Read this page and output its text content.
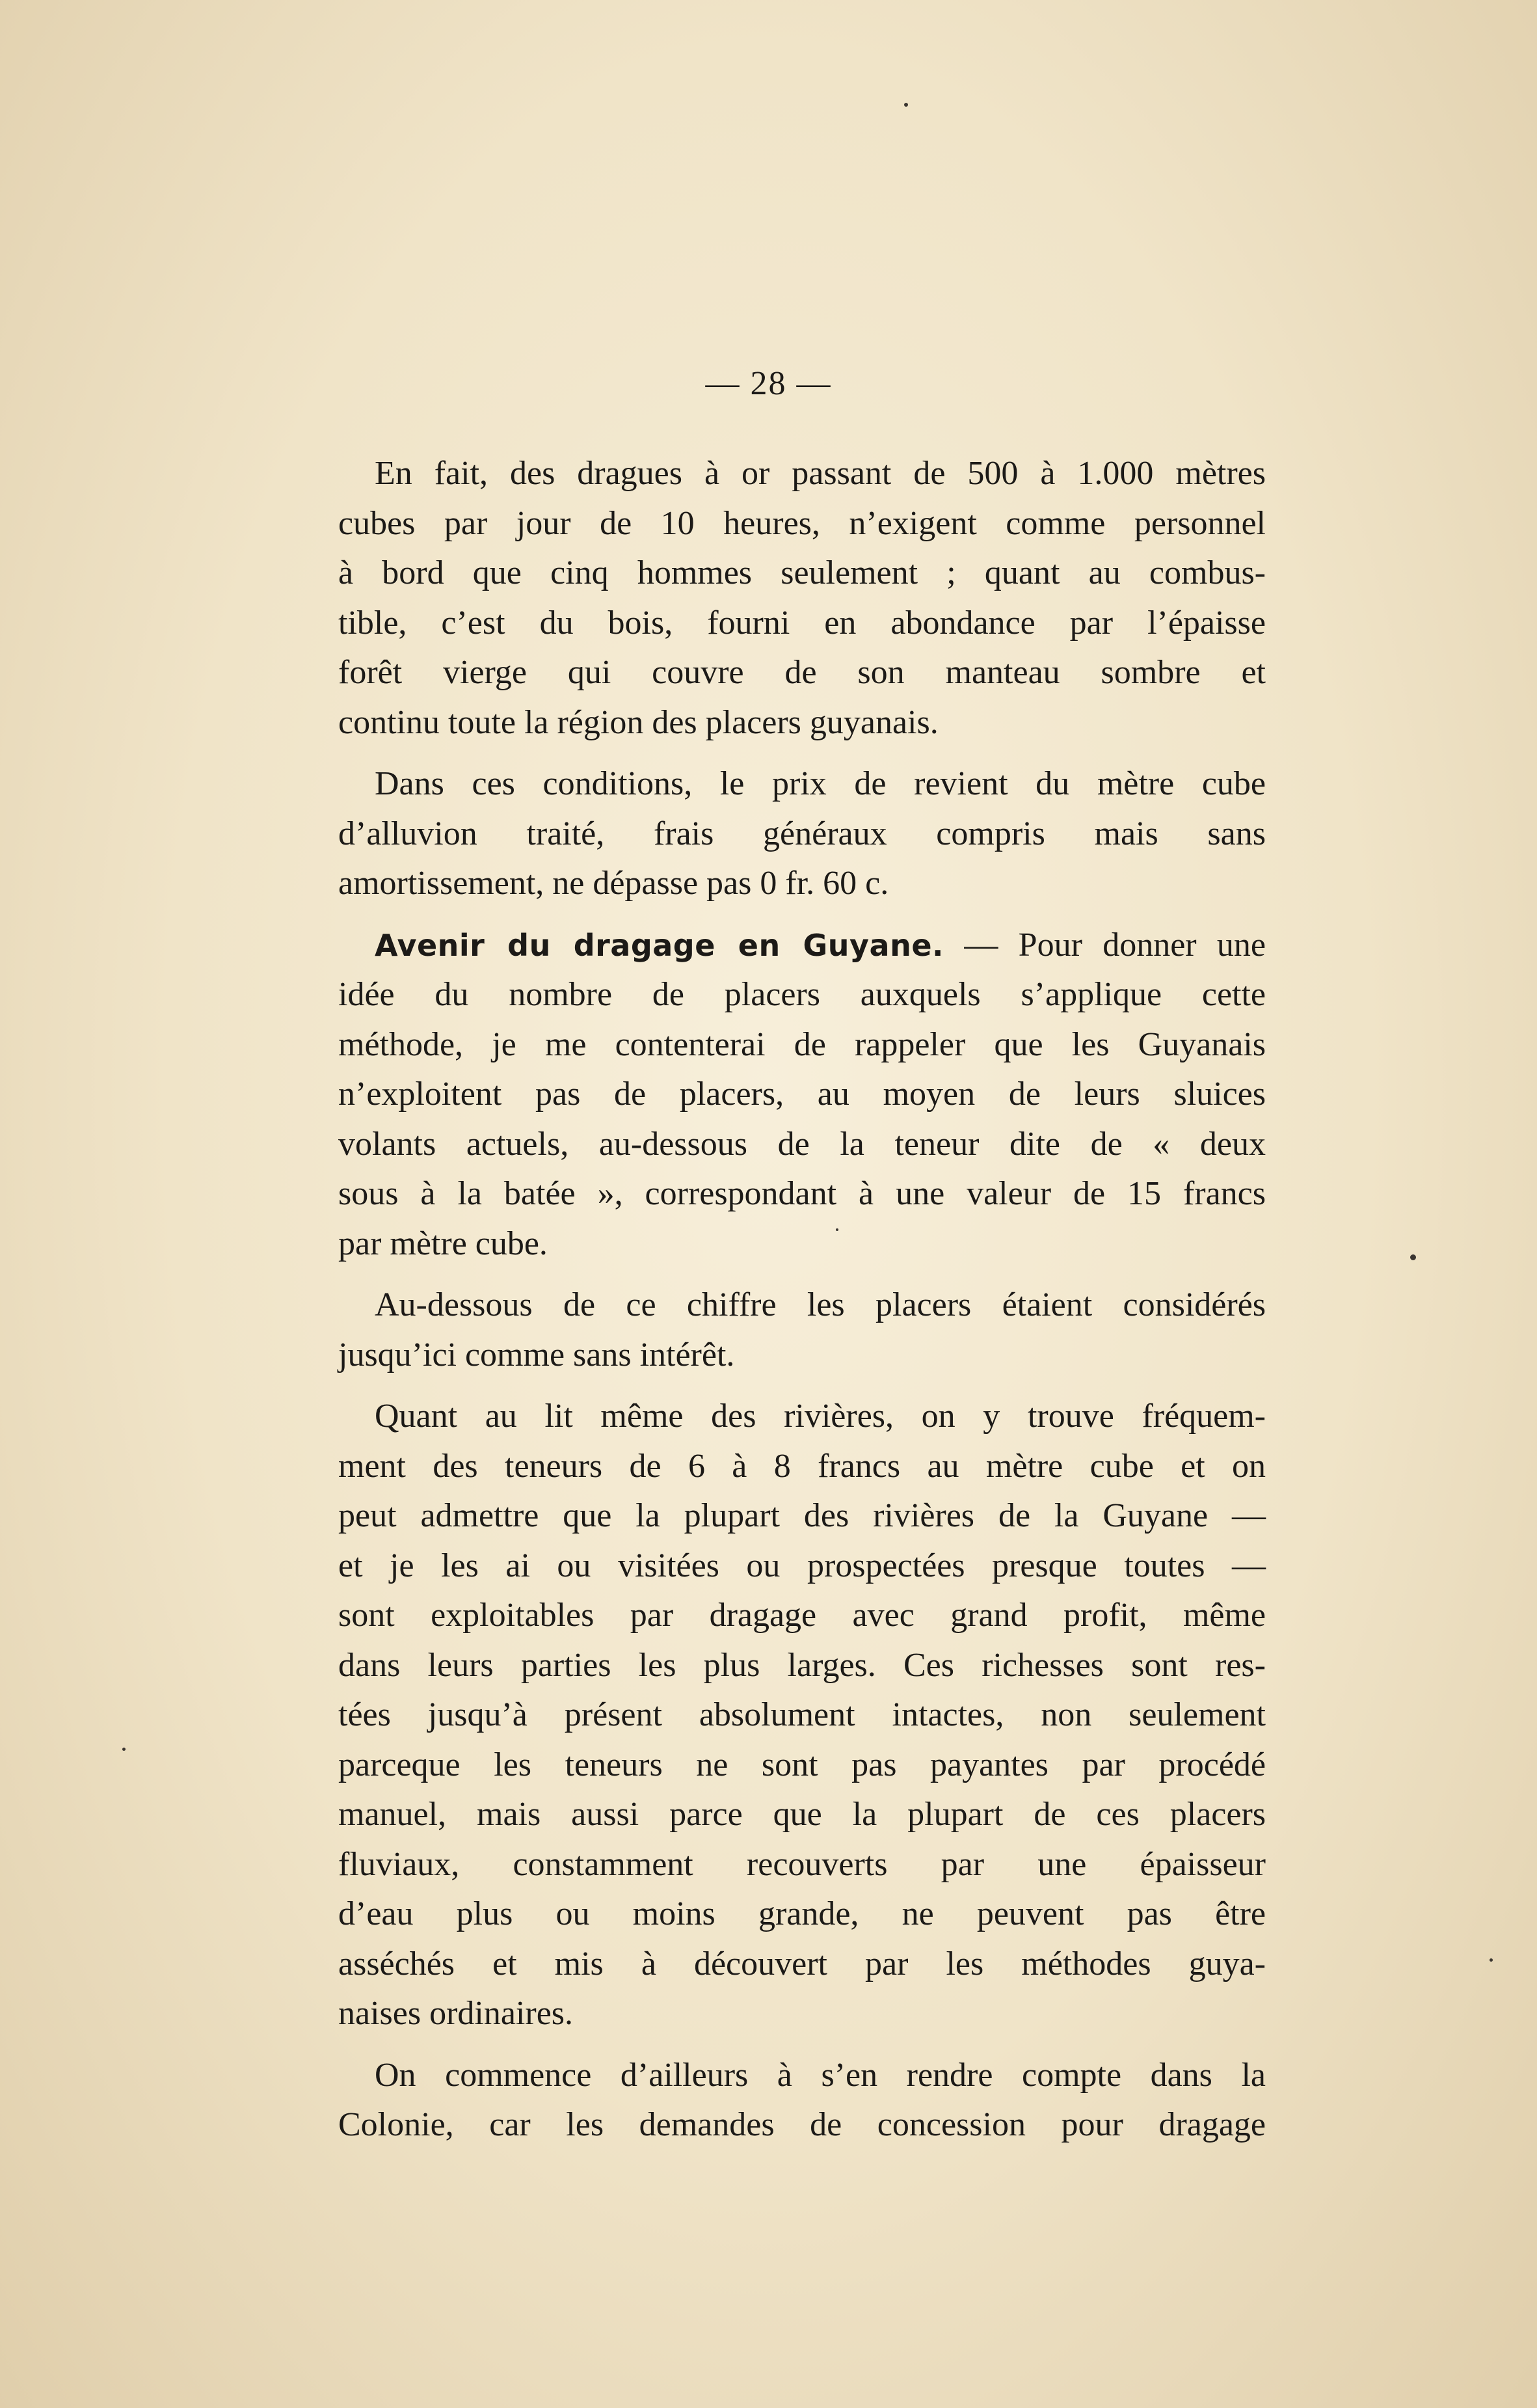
— 28 —
En fait, des dragues à or passant de 500 à 1.000 mètres
cubes par jour de 10 heures, n’exigent comme personnel
à bord que cinq hommes seulement ; quant au combus-
tible, c’est du bois, fourni en abondance par l’épaisse
forêt vierge qui couvre de son manteau sombre et
continu toute la région des placers guyanais.
Dans ces conditions, le prix de revient du mètre cube
d’alluvion traité, frais généraux compris mais sans
amortissement, ne dépasse pas 0 fr. 60 c.
Avenir du dragage en Guyane. — Pour donner une
idée du nombre de placers auxquels s’applique cette
méthode, je me contenterai de rappeler que les Guyanais
n’exploitent pas de placers, au moyen de leurs sluices
volants actuels, au-dessous de la teneur dite de « deux
sous à la batée », correspondant à une valeur de 15 francs
par mètre cube.
Au-dessous de ce chiffre les placers étaient considérés
jusqu’ici comme sans intérêt.
Quant au lit même des rivières, on y trouve fréquem-
ment des teneurs de 6 à 8 francs au mètre cube et on
peut admettre que la plupart des rivières de la Guyane —
et je les ai ou visitées ou prospectées presque toutes —
sont exploitables par dragage avec grand profit, même
dans leurs parties les plus larges. Ces richesses sont res-
tées jusqu’à présent absolument intactes, non seulement
parceque les teneurs ne sont pas payantes par procédé
manuel, mais aussi parce que la plupart de ces placers
fluviaux, constamment recouverts par une épaisseur
d’eau plus ou moins grande, ne peuvent pas être
asséchés et mis à découvert par les méthodes guya-
naises ordinaires.
On commence d’ailleurs à s’en rendre compte dans la
Colonie, car les demandes de concession pour dragage
